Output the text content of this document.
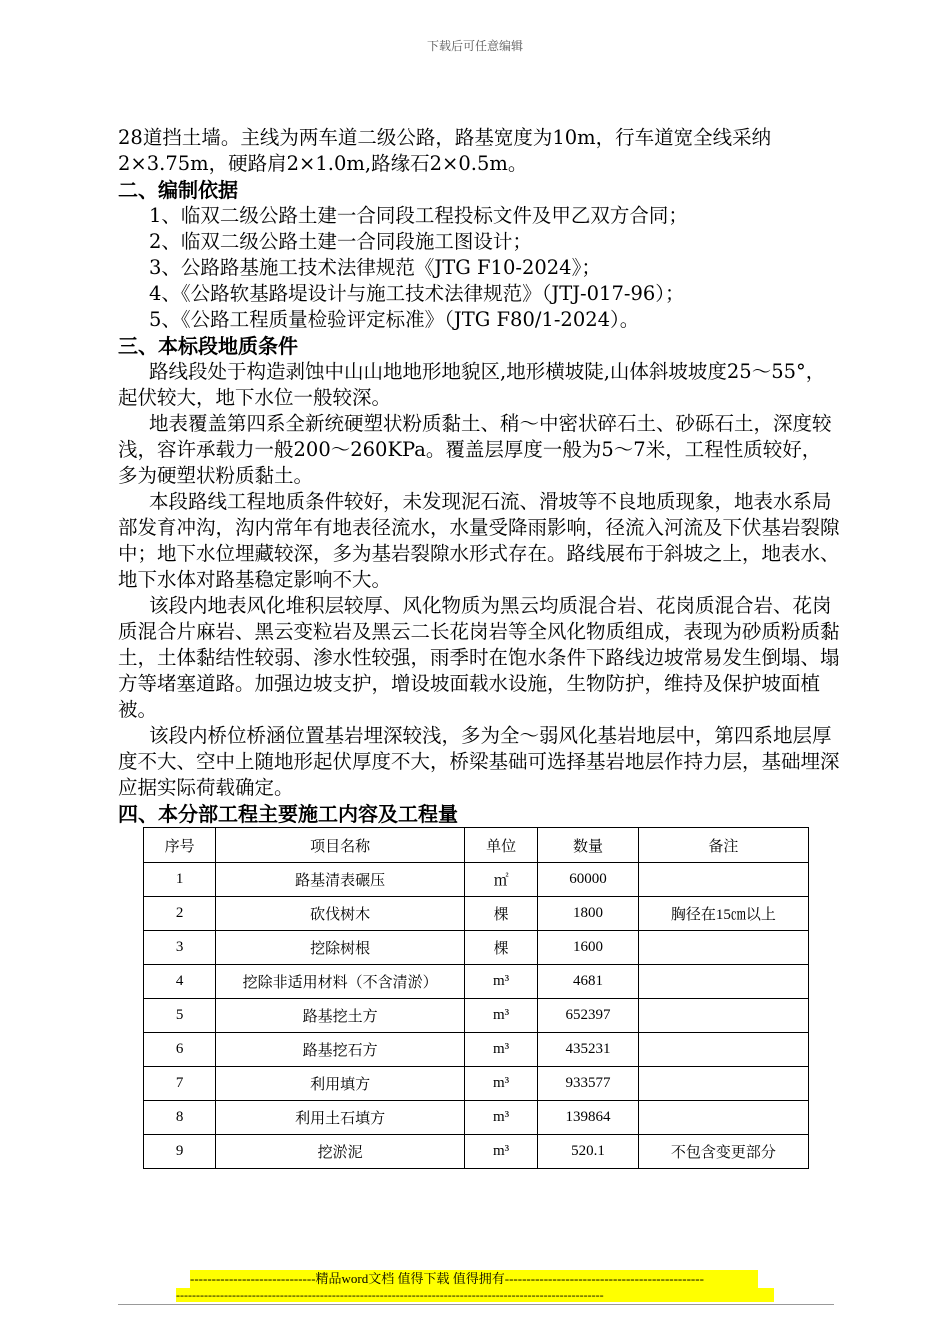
下载后可任意编辑

28道挡土墙。主线为两车道二级公路，路基宽度为10m，行车道宽全线采纳2×3.75m，硬路肩2×1.0m,路缘石2×0.5m。

二、编制依据

1、临双二级公路土建一合同段工程投标文件及甲乙双方合同；

2、临双二级公路土建一合同段施工图设计；

3、公路路基施工技术法律规范《JTG F10-2024》；

4、《公路软基路堤设计与施工技术法律规范》（JTJ-017-96）；

5、《公路工程质量检验评定标准》（JTG F80/1-2024）。

三、本标段地质条件

路线段处于构造剥蚀中山山地地形地貌区,地形横坡陡,山体斜坡坡度25～55°，起伏较大，地下水位一般较深。

地表覆盖第四系全新统硬塑状粉质黏土、稍～中密状碎石土、砂砾石土，深度较浅，容许承载力一般200～260KPa。覆盖层厚度一般为5～7米，工程性质较好，多为硬塑状粉质黏土。

本段路线工程地质条件较好，未发现泥石流、滑坡等不良地质现象，地表水系局部发育冲沟，沟内常年有地表径流水，水量受降雨影响，径流入河流及下伏基岩裂隙中；地下水位埋藏较深，多为基岩裂隙水形式存在。路线展布于斜坡之上，地表水、地下水体对路基稳定影响不大。

该段内地表风化堆积层较厚、风化物质为黑云均质混合岩、花岗质混合岩、花岗质混合片麻岩、黑云变粒岩及黑云二长花岗岩等全风化物质组成，表现为砂质粉质黏土，土体黏结性较弱、渗水性较强，雨季时在饱水条件下路线边坡常易发生倒塌、塌方等堵塞道路。加强边坡支护，增设坡面载水设施，生物防护，维持及保护坡面植被。

该段内桥位桥涵位置基岩埋深较浅，多为全～弱风化基岩地层中，第四系地层厚度不大、空中上随地形起伏厚度不大，桥梁基础可选择基岩地层作持力层，基础埋深应据实际荷载确定。

四、本分部工程主要施工内容及工程量

序号	项目名称	单位	数量	备注
1	路基清表碾压	㎡	60000	
2	砍伐树木	棵	1800	胸径在15㎝以上
3	挖除树根	棵	1600	
4	挖除非适用材料（不含清淤）	m³	4681	
5	路基挖土方	m³	652397	
6	路基挖石方	m³	435231	
7	利用填方	m³	933577	
8	利用土石填方	m³	139864	
9	挖淤泥	m³	520.1	不包含变更部分
-----------------------------精品word文档 值得下载 值得拥有----------------------------------------------
-----------------------------------------------------------------------------------------------------------
